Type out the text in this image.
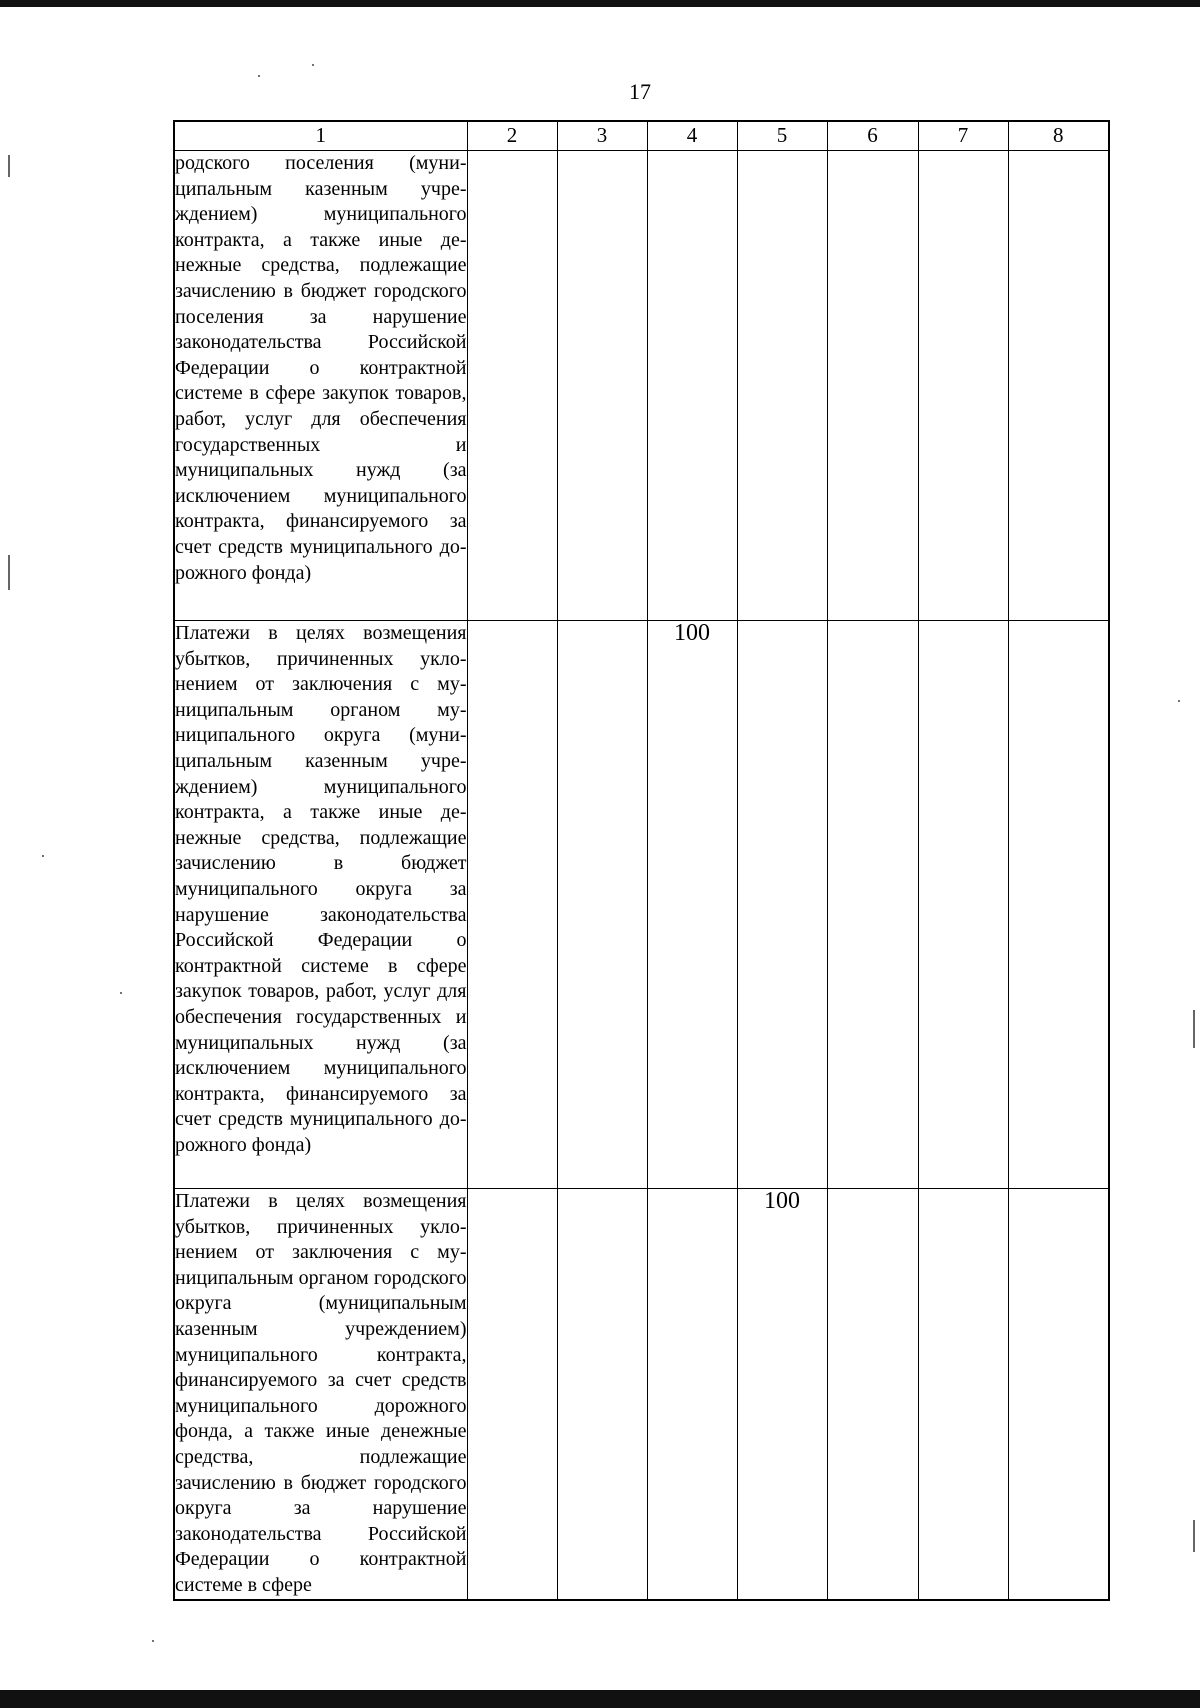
17
1	2	3	4	5	6	7	8
родского поселения (муниципальным казенным учреждением) муниципального контракта, а также иные денежные средства, подлежащие зачислению в бюджет городского поселения за нарушение законодательства Российской Федерации о контрактной системе в сфере закупок товаров, работ, услуг для обеспечения государственных и муниципальных нужд (за исключением муниципального контракта, финансируемого за счет средств муниципального дорожного фонда)							
Платежи в целях возмещения убытков, причиненных уклонением от заключения с муниципальным органом муниципального округа (муниципальным казенным учреждением) муниципального контракта, а также иные денежные средства, подлежащие зачислению в бюджет муниципального округа за нарушение законодательства Российской Федерации о контрактной системе в сфере закупок товаров, работ, услуг для обеспечения государственных и муниципальных нужд (за исключением муниципального контракта, финансируемого за счет средств муниципального дорожного фонда)			100				
Платежи в целях возмещения убытков, причиненных уклонением от заключения с муниципальным органом городского округа (муниципальным казенным учреждением) муниципального контракта, финансируемого за счет средств муниципального дорожного фонда, а также иные денежные средства, подлежащие зачислению в бюджет городского округа за нарушение законодательства Российской Федерации о контрактной системе в сфере				100			
